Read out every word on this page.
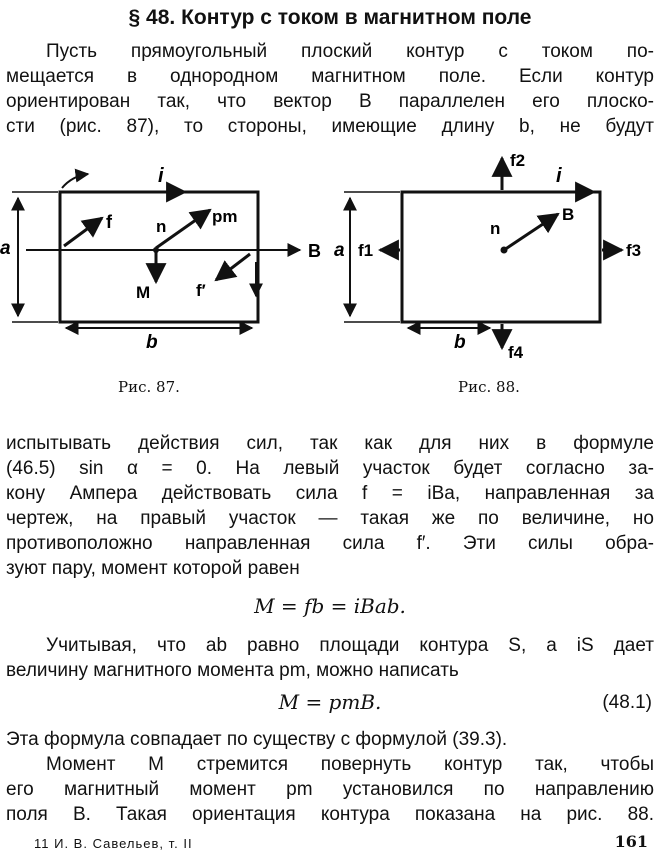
§ 48. Контур с током в магнитном поле
Пусть прямоугольный плоский контур с током по-
мещается в однородном магнитном поле. Если контур
ориентирован так, что вектор B параллелен его плоско-
сти (рис. 87), то стороны, имеющие длину b, не будут
i
B
a
b
f	pm
n
M	f′
Рис. 87.
i
f2
f4
f1	f3
a
b
n
B
Рис. 88.
испытывать действия сил, так как для них в формуле
(46.5) sin α = 0. На левый участок будет согласно за-
кону Ампера действовать сила f = iBa, направленная за
чертеж, на правый участок — такая же по величине, но
противоположно направленная сила f′. Эти силы обра-
зуют пару, момент которой равен
M = fb = iBab.
Учитывая, что ab равно площади контура S, а iS дает
величину магнитного момента pm, можно написать
M = pmB.	(48.1)
Эта формула совпадает по существу с формулой (39.3).
Момент M стремится повернуть контур так, чтобы
его магнитный момент pm установился по направлению
поля B. Такая ориентация контура показана на рис. 88.
11 И. В. Савельев, т. II	161
